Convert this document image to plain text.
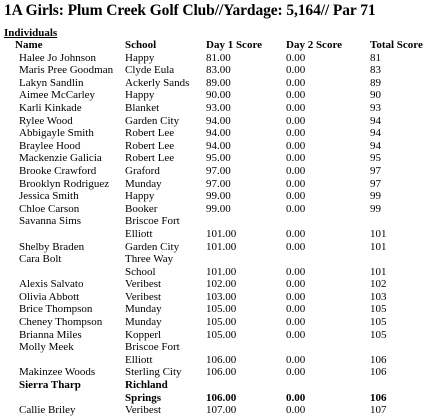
1A Girls: Plum Creek Golf Club//Yardage: 5,164// Par 71
Individuals
Name	School	Day 1 Score	Day 2 Score	Total Score
Halee Jo Johnson	Happy	81.00	0.00	81
Maris Pree Goodman	Clyde Eula	83.00	0.00	83
Lakyn Sandlin	Ackerly Sands	89.00	0.00	89
Aimee McCarley	Happy	90.00	0.00	90
Karli Kinkade	Blanket	93.00	0.00	93
Rylee Wood	Garden City	94.00	0.00	94
Abbigayle Smith	Robert Lee	94.00	0.00	94
Braylee Hood	Robert Lee	94.00	0.00	94
Mackenzie Galicia	Robert Lee	95.00	0.00	95
Brooke Crawford	Graford	97.00	0.00	97
Brooklyn Rodriguez	Munday	97.00	0.00	97
Jessica Smith	Happy	99.00	0.00	99
Chloe Carson	Booker	99.00	0.00	99
Savanna Sims	Briscoe Fort			
	Elliott	101.00	0.00	101
Shelby Braden	Garden City	101.00	0.00	101
Cara Bolt	Three Way			
	School	101.00	0.00	101
Alexis Salvato	Veribest	102.00	0.00	102
Olivia Abbott	Veribest	103.00	0.00	103
Brice Thompson	Munday	105.00	0.00	105
Cheney Thompson	Munday	105.00	0.00	105
Brianna Miles	Kopperl	105.00	0.00	105
Molly Meek	Briscoe Fort			
	Elliott	106.00	0.00	106
Makinzee Woods	Sterling City	106.00	0.00	106
Sierra Tharp	Richland			
	Springs	106.00	0.00	106
Callie Briley	Veribest	107.00	0.00	107
